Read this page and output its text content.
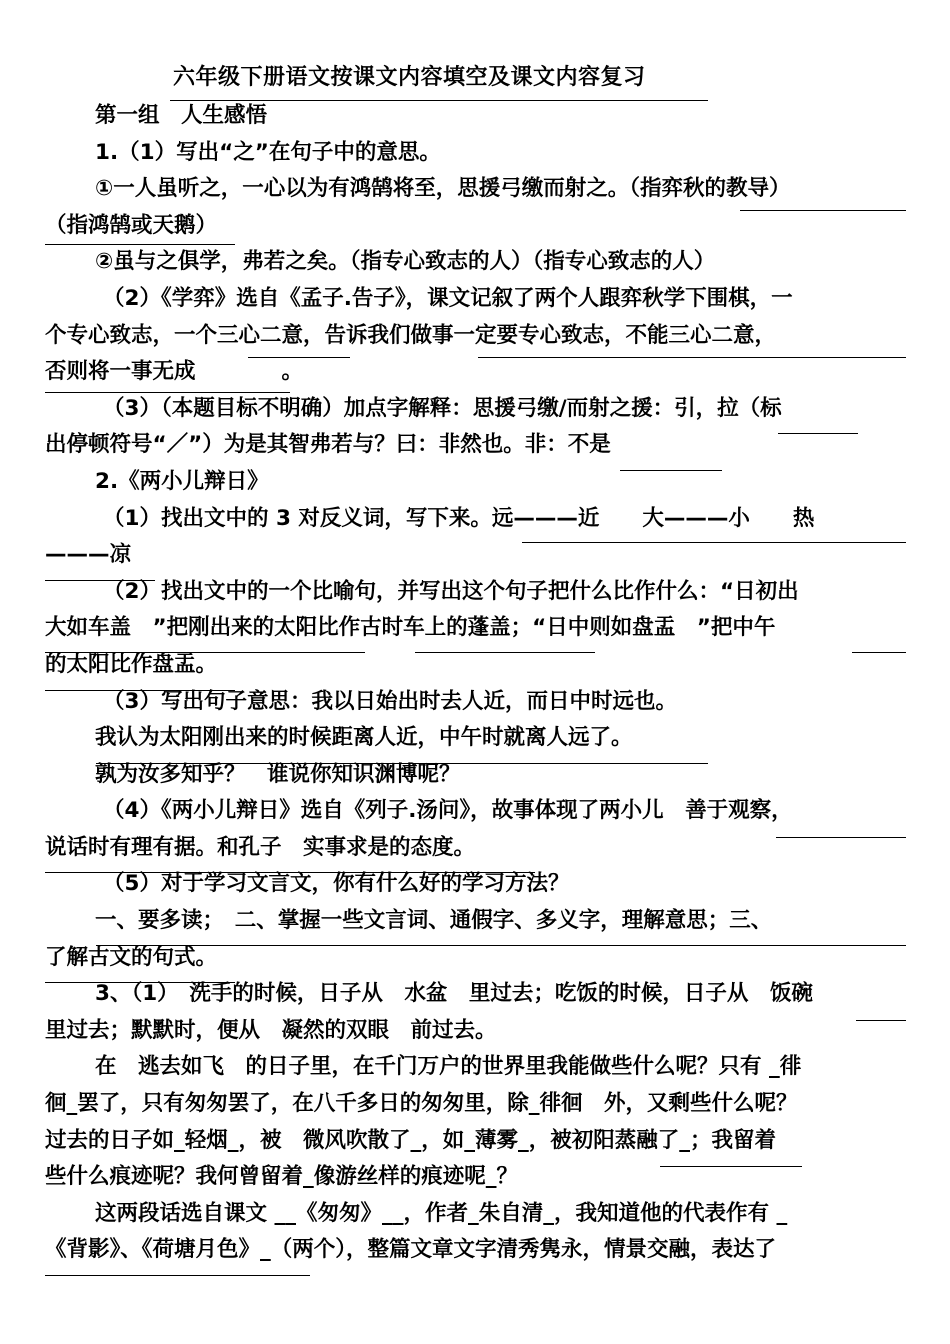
六年级下册语文按课文内容填空及课文内容复习
第一组　人生感悟
1.（1）写出“之”在句子中的意思。
①一人虽听之，一心以为有鸿鹄将至，思援弓缴而射之。（指弈秋的教导）
（指鸿鹄或天鹅）
②虽与之俱学，弗若之矣。（指专心致志的人）（指专心致志的人）
（2）《学弈》选自《孟子.告子》，课文记叙了两个人跟弈秋学下围棋，一
个专心致志，一个三心二意，告诉我们做事一定要专心致志，不能三心二意，
否则将一事无成　　　　。
（3）（本题目标不明确）加点字解释：思援弓缴/而射之援：引，拉（标
出停顿符号“／”）为是其智弗若与？曰：非然也。非：不是
2.《两小儿辩日》
（1）找出文中的 3 对反义词，写下来。远———近　　大———小　　热
———凉
（2）找出文中的一个比喻句，并写出这个句子把什么比作什么：“日初出
大如车盖　”把刚出来的太阳比作古时车上的蓬盖；“日中则如盘盂　”把中午
的太阳比作盘盂。
（3）写出句子意思：我以日始出时去人近，而日中时远也。
我认为太阳刚出来的时候距离人近，中午时就离人远了。
孰为汝多知乎？　谁说你知识渊博呢？
（4）《两小儿辩日》选自《列子.汤问》，故事体现了两小儿　善于观察，
说话时有理有据。和孔子　实事求是的态度。
（5）对于学习文言文，你有什么好的学习方法？
一、要多读；　二、掌握一些文言词、通假字、多义字，理解意思；三、
了解古文的句式。
3、（1）　洗手的时候，日子从　水盆　里过去；吃饭的时候，日子从　饭碗
里过去；默默时，便从　凝然的双眼　前过去。
在　逃去如飞　的日子里，在千门万户的世界里我能做些什么呢？只有 _徘
徊_罢了，只有匆匆罢了，在八千多日的匆匆里，除_徘徊　外，又剩些什么呢？
过去的日子如_轻烟_，被　微风吹散了_，如_薄雾_，被初阳蒸融了_；我留着
些什么痕迹呢？我何曾留着_像游丝样的痕迹呢_？
这两段话选自课文 __《匆匆》__，作者_朱自清_，我知道他的代表作有 _
《背影》、《荷塘月色》_（两个），整篇文章文字清秀隽永，情景交融，表达了
